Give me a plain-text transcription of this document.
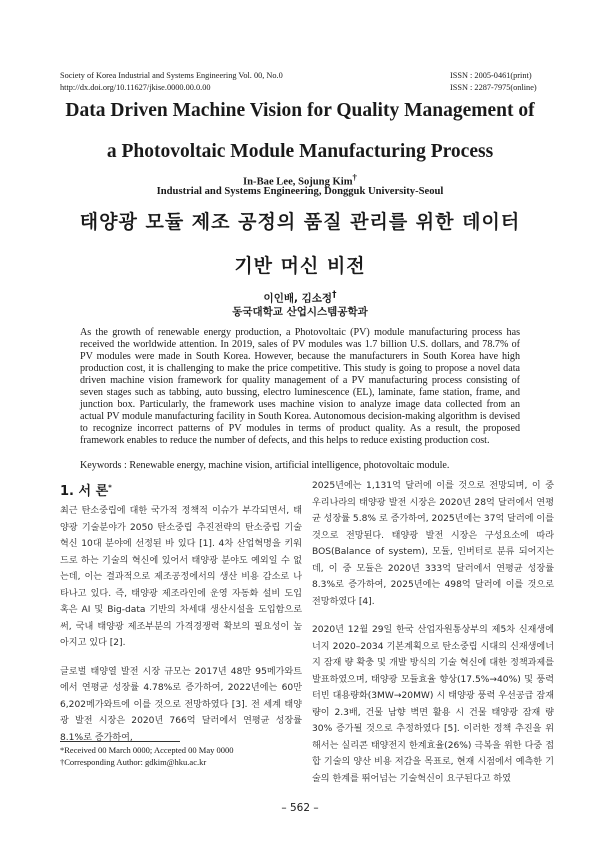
Society of Korea Industrial and Systems Engineering Vol. 00, No.0
http://dx.doi.org/10.11627/jkise.0000.00.0.00
ISSN : 2005-0461(print)
ISSN : 2287-7975(online)
Data Driven Machine Vision for Quality Management of
a Photovoltaic Module Manufacturing Process
In-Bae Lee, Sojung Kim†
Industrial and Systems Engineering, Dongguk University-Seoul
태양광 모듈 제조 공정의 품질 관리를 위한 데이터
기반 머신 비전
이인배, 김소정†
동국대학교 산업시스템공학과
As the growth of renewable energy production, a Photovoltaic (PV) module manufacturing process has received the worldwide attention. In 2019, sales of PV modules was 1.7 billion U.S. dollars, and 78.7% of PV modules were made in South Korea. However, because the manufacturers in South Korea have high production cost, it is challenging to make the price competitive. This study is going to propose a novel data driven machine vision framework for quality management of a PV manufacturing process consisting of seven stages such as tabbing, auto bussing, electro luminescence (EL), laminate, fame station, frame, and junction box. Particularly, the framework uses machine vision to analyze image data collected from an actual PV module manufacturing facility in South Korea. Autonomous decision-making algorithm is devised to recognize incorrect patterns of PV modules in terms of product quality. As a result, the proposed framework enables to reduce the number of defects, and this helps to reduce existing production cost.
Keywords : Renewable energy, machine vision, artificial intelligence, photovoltaic module.
1. 서 론*

최근 탄소중립에 대한 국가적 정책적 이슈가 부각되면서, 태양광 기술분야가 2050 탄소중립 추진전략의 탄소중립 기술혁신 10대 분야에 선정된 바 있다 [1]. 4차 산업혁명을 키워드로 하는 기술의 혁신에 있어서 태양광 분야도 예외일 수 없는데, 이는 결과적으로 제조공정에서의 생산 비용 감소로 나타나고 있다. 즉, 태양광 제조라인에 운영 자동화 설비 도입 혹은 AI 및 Big-data 기반의 차세대 생산시설을 도입함으로써, 국내 태양광 제조부분의 가격경쟁력 확보의 필요성이 높아지고 있다 [2].

글로벌 태양열 발전 시장 규모는 2017년 48만 95메가와트에서 연평균 성장률 4.78%로 증가하여, 2022년에는 60만 6,202메가와트에 이를 것으로 전망하였다 [3]. 전 세계 태양광 발전 시장은 2020년 766억 달러에서 연평균 성장률 8.1%로 증가하여,

2025년에는 1,131억 달러에 이를 것으로 전망되며, 이 중 우리나라의 태양광 발전 시장은 2020년 28억 달러에서 연평균 성장률 5.8% 로 증가하여, 2025년에는 37억 달러에 이를 것으로 전망된다. 태양광 발전 시장은 구성요소에 따라 BOS(Balance of system), 모듈, 인버터로 분류 되어지는데, 이 중 모듈은 2020년 333억 달러에서 연평균 성장률 8.3%로 증가하여, 2025년에는 498억 달러에 이를 것으로 전망하였다 [4].

2020년 12월 29일 한국 산업자원통상부의 제5차 신재생에너지 2020–2034 기본계획으로 탄소중립 시대의 신재생에너지 잠재 량 확충 및 개발 방식의 기술 혁신에 대한 정책과제를 발표하였으며, 태양광 모듈효율 향상(17.5%→40%) 및 풍력 터빈 대용량화(3MW→20MW) 시 태양광 풍력 우선공급 잠재량이 2.3배, 건물 남향 벽면 활용 시 건물 태양광 잠재 량 30% 증가될 것으로 추정하였다 [5]. 이러한 정책 추진을 위해서는 실리콘 태양전지 한계효율(26%) 극복을 위한 다중 접합 기술의 양산 비용 저감을 목표로, 현재 시점에서 예측한 기술의 한계를 뛰어넘는 기술혁신이 요구된다고 하였

*Received 00 March 0000; Accepted 00 May 0000
†Corresponding Author: gdkim@hku.ac.kr
– 562 –
